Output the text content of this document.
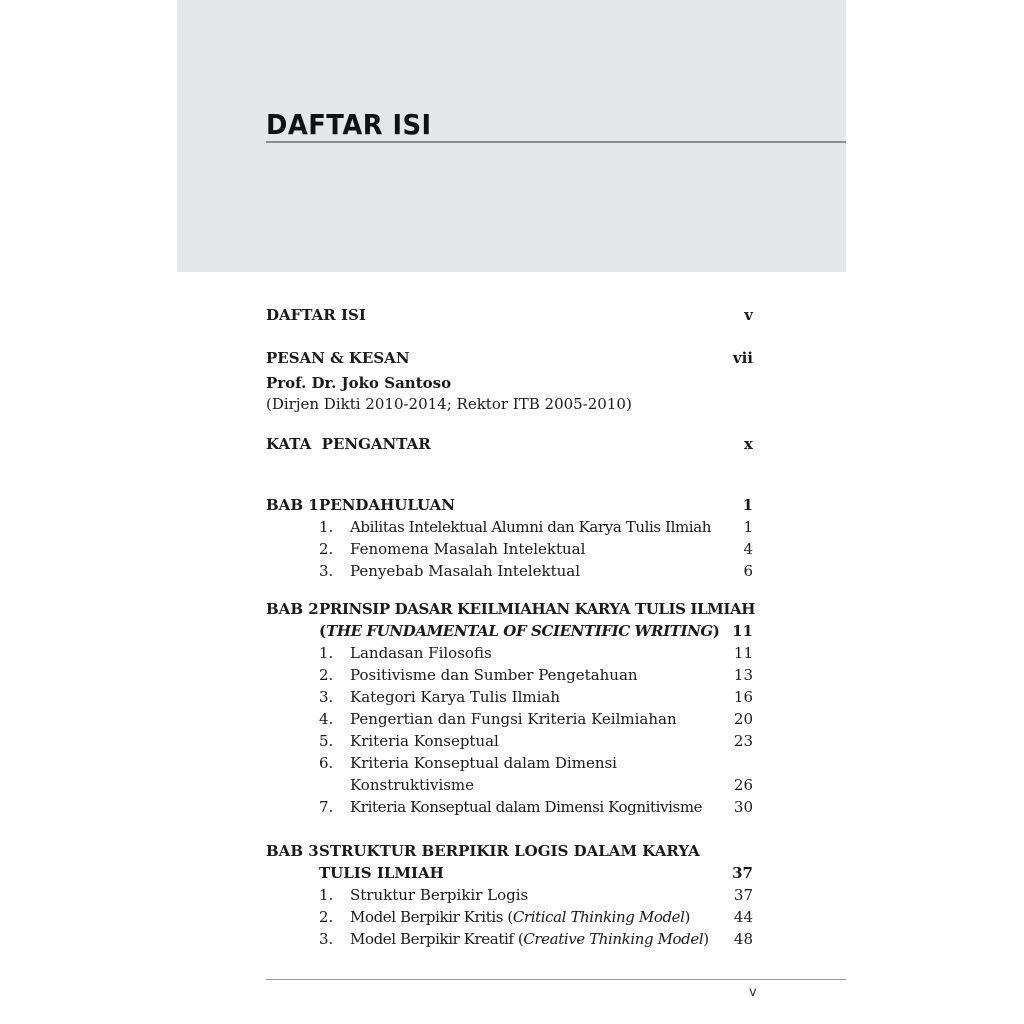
DAFTAR ISI
DAFTAR ISI	v
PESAN & KESAN	vii
Prof. Dr. Joko Santoso
(Dirjen Dikti 2010-2014; Rektor ITB 2005-2010)
KATA  PENGANTAR	x
BAB 1 PENDAHULUAN	1
1. Abilitas Intelektual Alumni dan Karya Tulis Ilmiah 1
2. Fenomena Masalah Intelektual	4
3. Penyebab Masalah Intelektual	6
BAB 2 PRINSIP DASAR KEILMIAHAN KARYA TULIS ILMIAH
(THE FUNDAMENTAL OF SCIENTIFIC WRITING) 11
1. Landasan Filosofis	11
2. Positivisme dan Sumber Pengetahuan	13
3. Kategori Karya Tulis Ilmiah	16
4. Pengertian dan Fungsi Kriteria Keilmiahan	20
5. Kriteria Konseptual	23
6. Kriteria Konseptual dalam Dimensi
Konstruktivisme	26
7. Kriteria Konseptual dalam Dimensi Kognitivisme 30
BAB 3 STRUKTUR BERPIKIR LOGIS DALAM KARYA
TULIS ILMIAH	37
1. Struktur Berpikir Logis	37
2. Model Berpikir Kritis (Critical Thinking Model)	44
3. Model Berpikir Kreatif (Creative Thinking Model) 48
v
